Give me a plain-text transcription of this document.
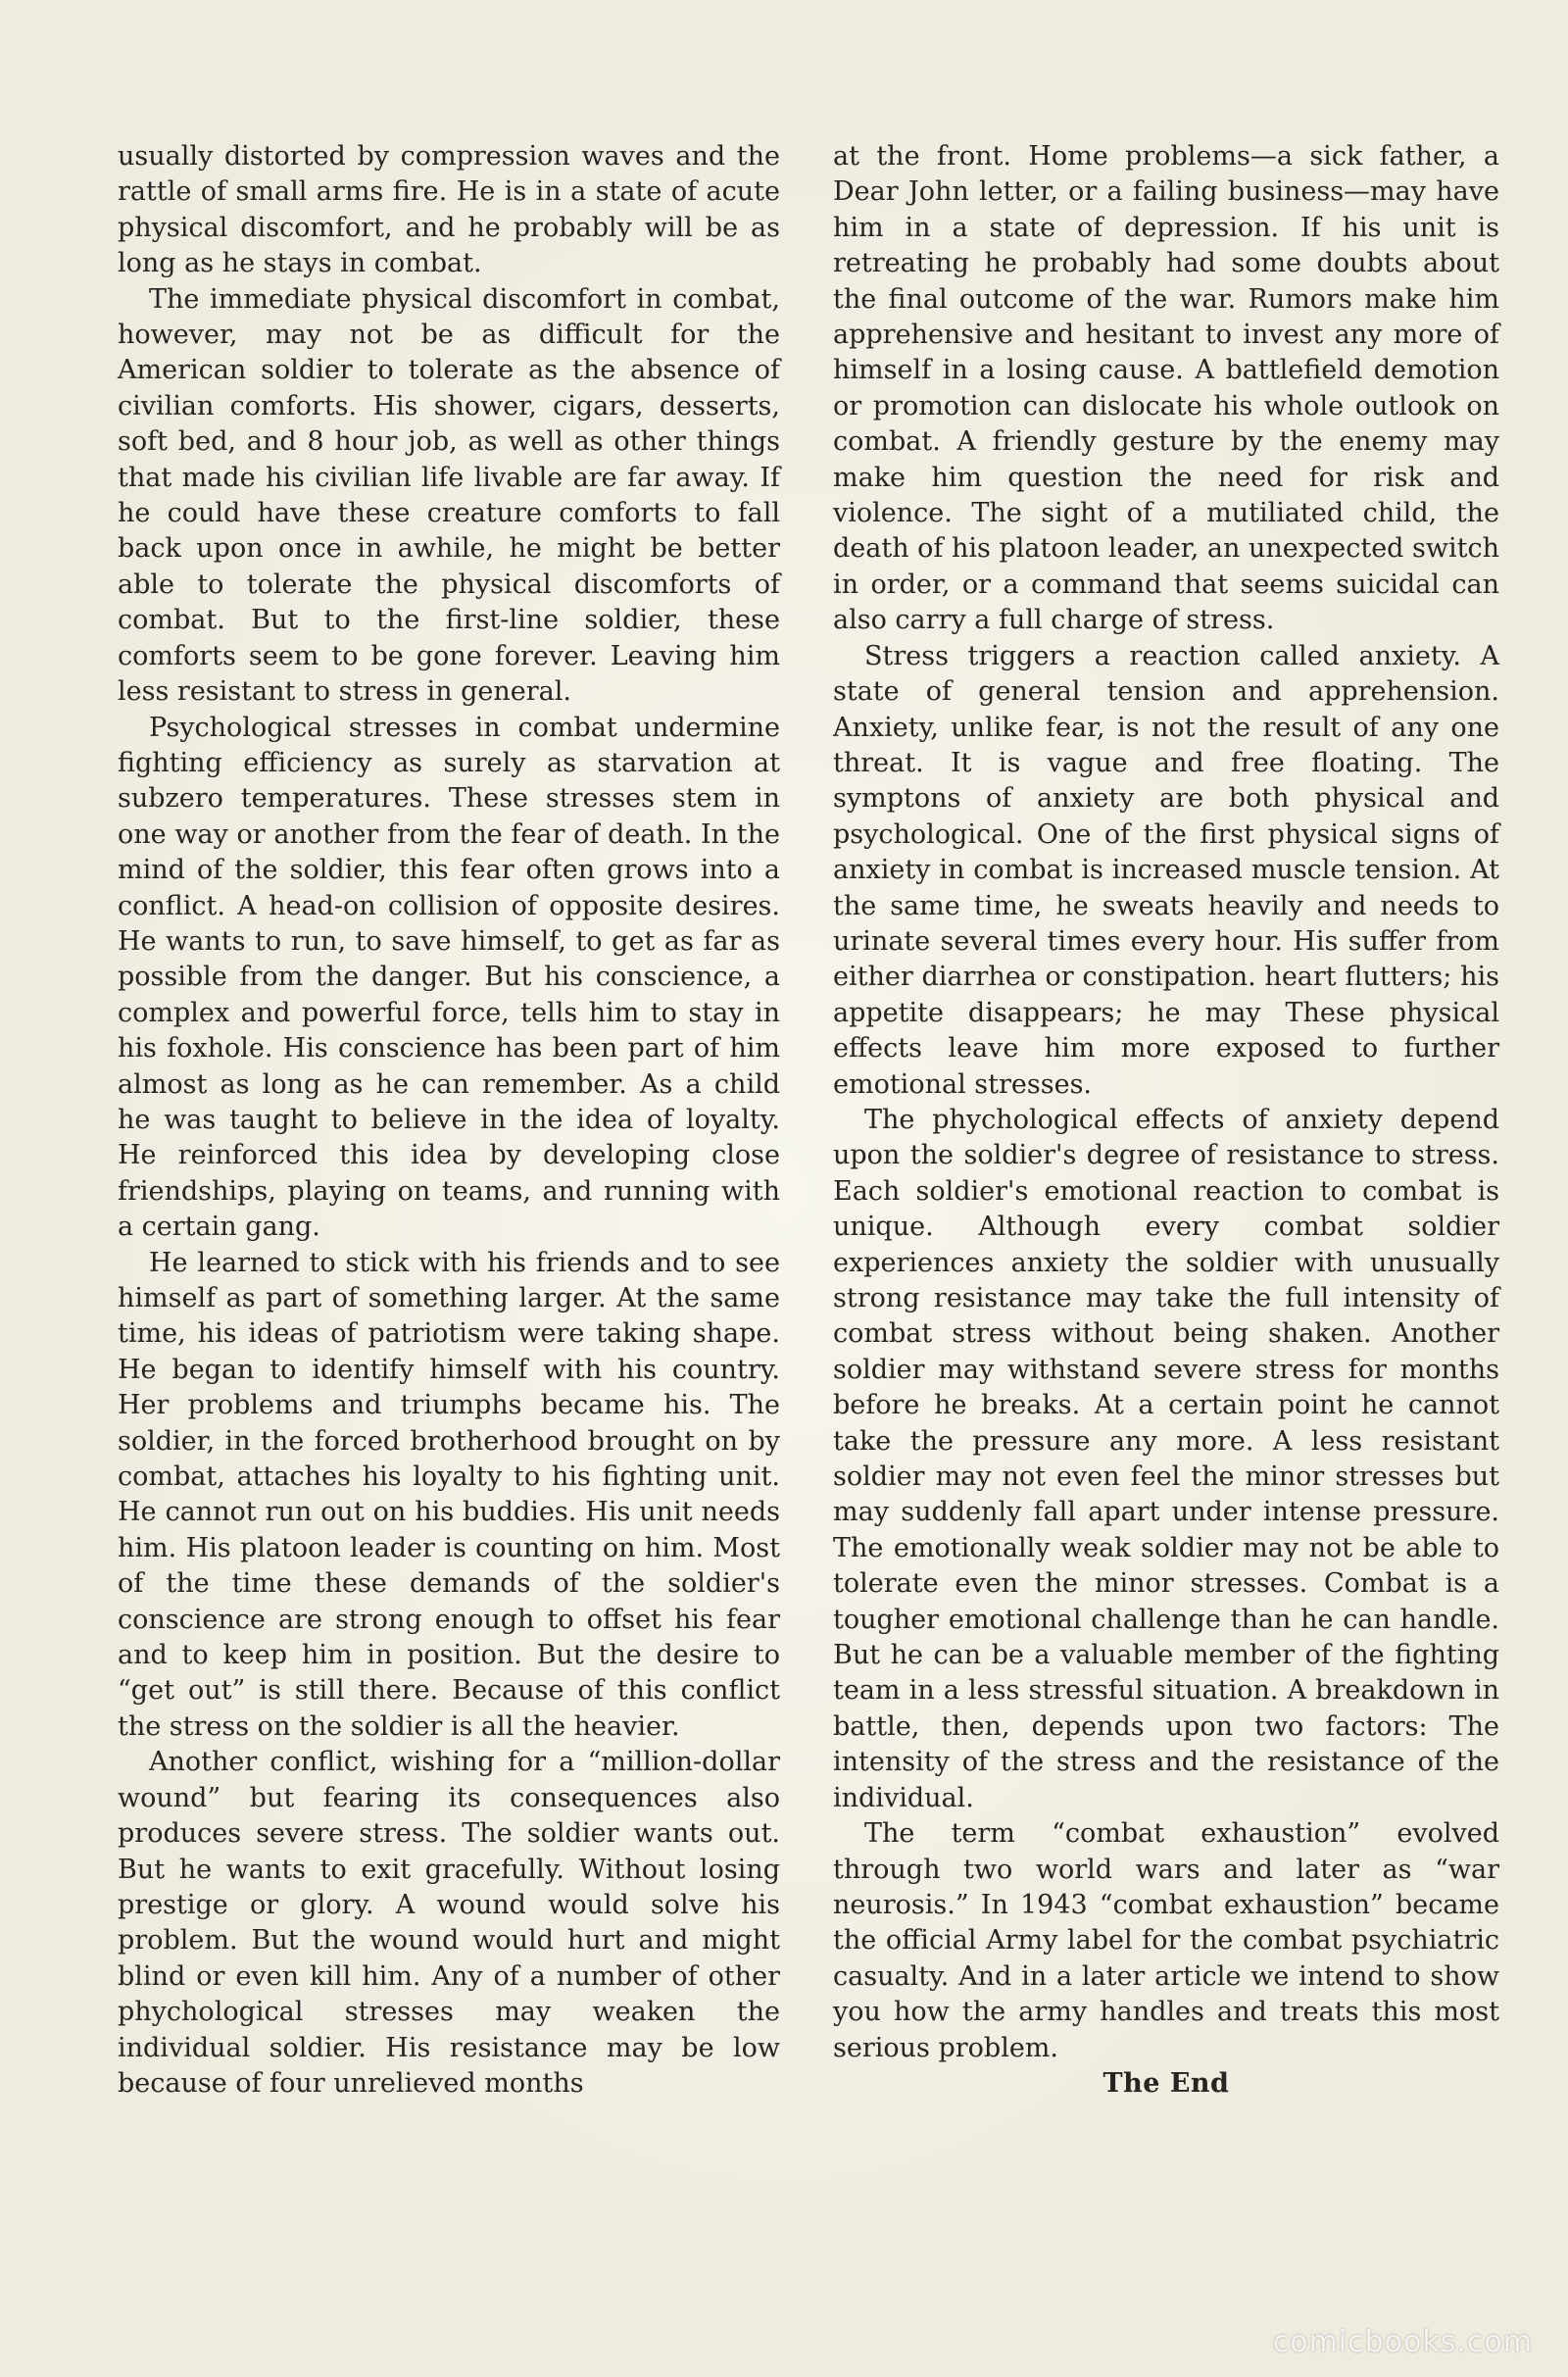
usually distorted by compression waves and the rattle of small arms fire. He is in a state of acute physical discomfort, and he probably will be as long as he stays in combat.

The immediate physical discomfort in combat, however, may not be as difficult for the American soldier to tolerate as the absence of civilian comforts. His shower, cigars, desserts, soft bed, and 8 hour job, as well as other things that made his civilian life livable are far away. If he could have these creature comforts to fall back upon once in awhile, he might be better able to tolerate the physical discomforts of combat. But to the first-line soldier, these comforts seem to be gone forever. Leaving him less resistant to stress in general.

Psychological stresses in combat undermine fighting efficiency as surely as starvation at subzero temperatures. These stresses stem in one way or another from the fear of death. In the mind of the soldier, this fear often grows into a conflict. A head-on collision of opposite desires. He wants to run, to save himself, to get as far as possible from the danger. But his conscience, a complex and powerful force, tells him to stay in his foxhole. His conscience has been part of him almost as long as he can remember. As a child he was taught to believe in the idea of loyalty. He reinforced this idea by developing close friendships, playing on teams, and running with a certain gang.

He learned to stick with his friends and to see himself as part of something larger. At the same time, his ideas of patriotism were taking shape. He began to identify himself with his country. Her problems and triumphs became his. The soldier, in the forced brotherhood brought on by combat, attaches his loyalty to his fighting unit. He cannot run out on his buddies. His unit needs him. His platoon leader is counting on him. Most of the time these demands of the soldier's conscience are strong enough to offset his fear and to keep him in position. But the desire to “get out” is still there. Because of this conflict the stress on the soldier is all the heavier.

Another conflict, wishing for a “million-dollar wound” but fearing its consequences also produces severe stress. The soldier wants out. But he wants to exit gracefully. Without losing prestige or glory. A wound would solve his problem. But the wound would hurt and might blind or even kill him. Any of a number of other phychological stresses may weaken the individual soldier. His resistance may be low because of four unrelieved months

at the front. Home problems—a sick father, a Dear John letter, or a failing business—may have him in a state of depression. If his unit is retreating he probably had some doubts about the final outcome of the war. Rumors make him apprehensive and hesitant to invest any more of himself in a losing cause. A battlefield demotion or promotion can dislocate his whole outlook on combat. A friendly gesture by the enemy may make him question the need for risk and violence. The sight of a mutiliated child, the death of his platoon leader, an unexpected switch in order, or a command that seems suicidal can also carry a full charge of stress.

Stress triggers a reaction called anxiety. A state of general tension and apprehension. Anxiety, unlike fear, is not the result of any one threat. It is vague and free floating. The symptons of anxiety are both physical and psychological. One of the first physical signs of anxiety in combat is increased muscle tension. At the same time, he sweats heavily and needs to urinate several times every hour. His suffer from either diarrhea or constipation. heart flutters; his appetite disappears; he may These physical effects leave him more exposed to further emotional stresses.

The phychological effects of anxiety depend upon the soldier's degree of resistance to stress. Each soldier's emotional reaction to combat is unique. Although every combat soldier experiences anxiety the soldier with unusually strong resistance may take the full intensity of combat stress without being shaken. Another soldier may withstand severe stress for months before he breaks. At a certain point he cannot take the pressure any more. A less resistant soldier may not even feel the minor stresses but may suddenly fall apart under intense pressure. The emotionally weak soldier may not be able to tolerate even the minor stresses. Combat is a tougher emotional challenge than he can handle. But he can be a valuable member of the fighting team in a less stressful situation. A breakdown in battle, then, depends upon two factors: The intensity of the stress and the resistance of the individual.

The term “combat exhaustion” evolved through two world wars and later as “war neurosis.” In 1943 “combat exhaustion” became the official Army label for the combat psychiatric casualty. And in a later article we intend to show you how the army handles and treats this most serious problem.

The End

comicbooks.com
